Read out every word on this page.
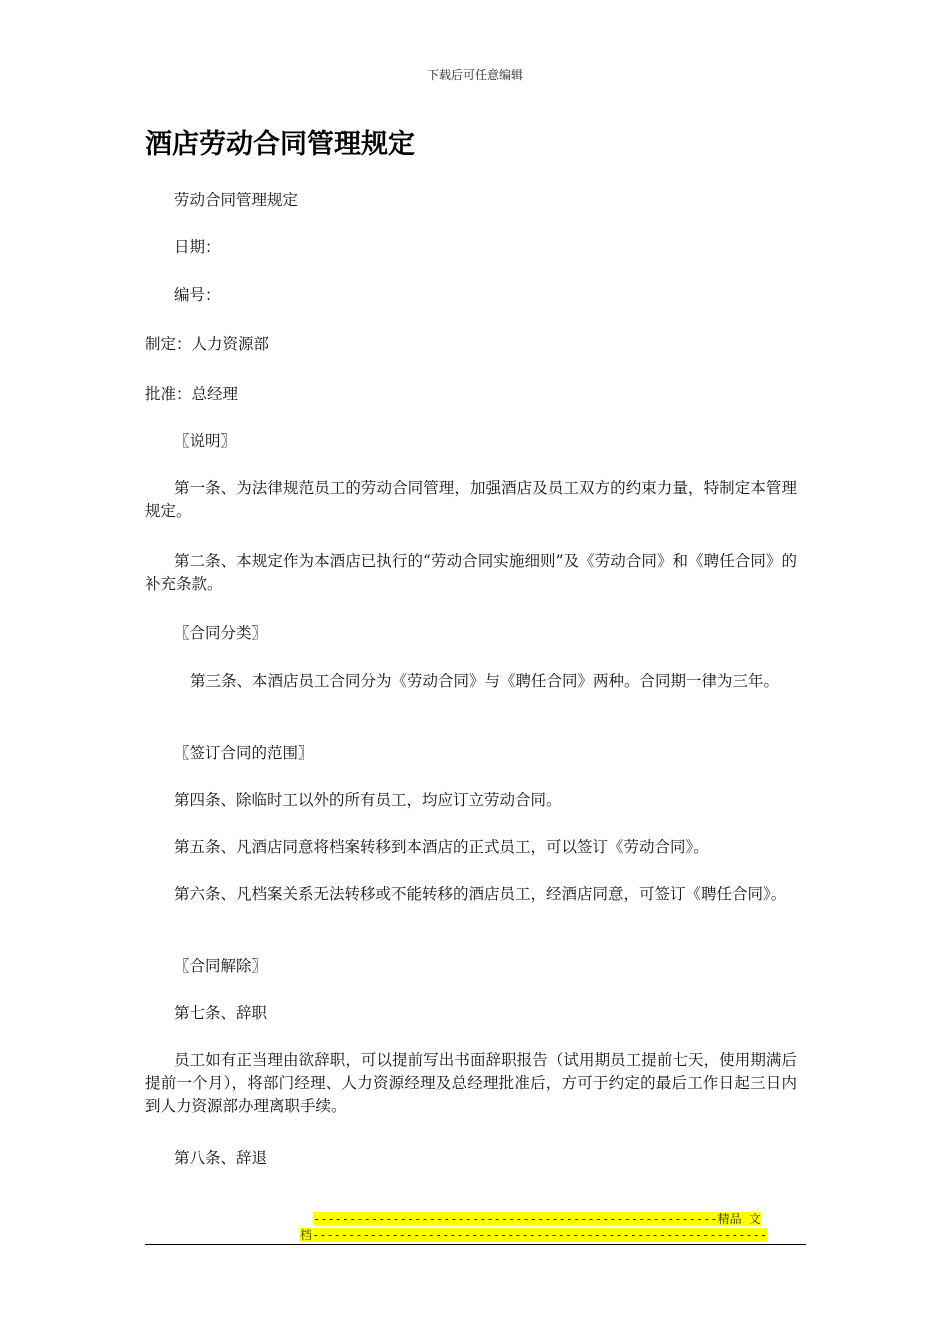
下载后可任意编辑
酒店劳动合同管理规定
劳动合同管理规定
日期：
编号：
制定：人力资源部
批准：总经理
〖说明〗
第一条、为法律规范员工的劳动合同管理，加强酒店及员工双方的约束力量，特制定本管理规定。
第二条、本规定作为本酒店已执行的“劳动合同实施细则”及《劳动合同》和《聘任合同》的补充条款。
〖合同分类〗
第三条、本酒店员工合同分为《劳动合同》与《聘任合同》两种。合同期一律为三年。
〖签订合同的范围〗
第四条、除临时工以外的所有员工，均应订立劳动合同。
第五条、凡酒店同意将档案转移到本酒店的正式员工，可以签订《劳动合同》。
第六条、凡档案关系无法转移或不能转移的酒店员工，经酒店同意，可签订《聘任合同》。
〖合同解除〗
第七条、辞职
员工如有正当理由欲辞职，可以提前写出书面辞职报告（试用期员工提前七天，使用期满后提前一个月），将部门经理、人力资源经理及总经理批准后，方可于约定的最后工作日起三日内到人力资源部办理离职手续。
第八条、辞退
--------------------------------------------------------精品 文
档---------------------------------------------------------------
